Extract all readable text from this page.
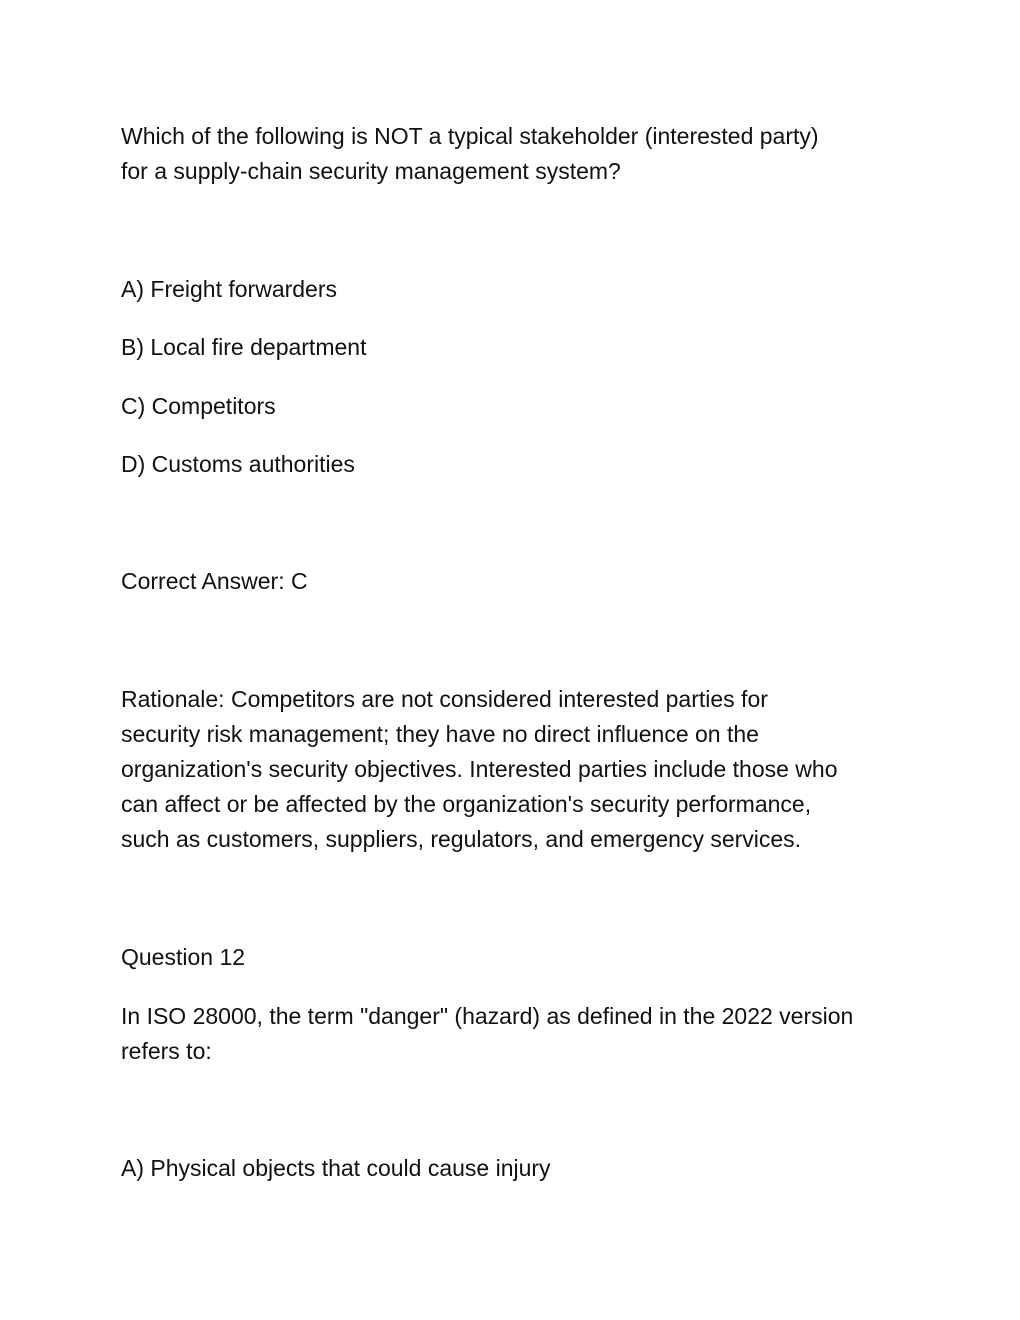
Which of the following is NOT a typical stakeholder (interested party)
for a supply-chain security management system?

A) Freight forwarders

B) Local fire department

C) Competitors

D) Customs authorities

Correct Answer: C

Rationale: Competitors are not considered interested parties for
security risk management; they have no direct influence on the
organization's security objectives. Interested parties include those who
can affect or be affected by the organization's security performance,
such as customers, suppliers, regulators, and emergency services.

Question 12

In ISO 28000, the term "danger" (hazard) as defined in the 2022 version
refers to:

A) Physical objects that could cause injury
